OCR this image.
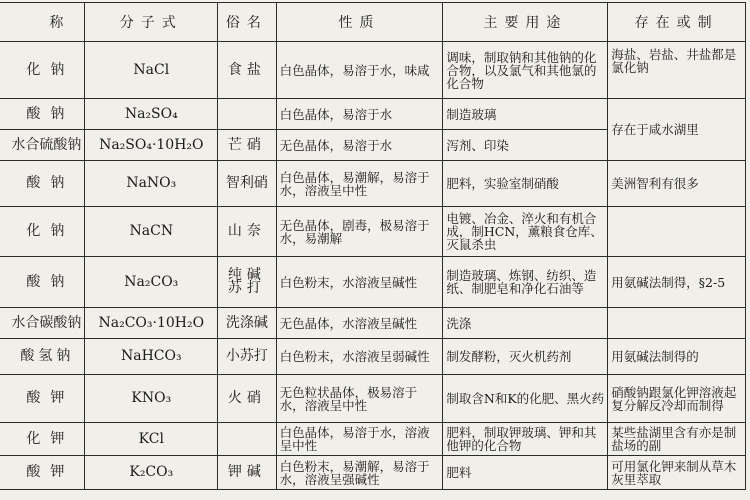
称	分子式	俗名	性质	主要用途	存在或制
化钠	NaCl	食盐	白色晶体，易溶于水，味咸	调味，制取钠和其他钠的化合物，以及氯气和其他氯的化合物	海盐、岩盐、井盐都是氯化钠
酸钠	Na₂SO₄		白色晶体，易溶于水	制造玻璃	存在于咸水湖里
水合硫酸钠	Na₂SO₄·10H₂O	芒硝	无色晶体，易溶于水	泻剂、印染	
酸钠	NaNO₃	智利硝	白色晶体，易潮解，易溶于水，溶液呈中性	肥料，实验室制硝酸	美洲智利有很多
化钠	NaCN	山奈	无色晶体，剧毒，极易溶于水，易潮解	电镀、冶金、淬火和有机合成，制HCN，薰粮食仓库、灭鼠杀虫	
酸钠	Na₂CO₃	纯碱 苏打	白色粉末，水溶液呈碱性	制造玻璃、炼钢、纺织、造纸、制肥皂和净化石油等	用氨碱法制得，§2-5
水合碳酸钠	Na₂CO₃·10H₂O	洗涤碱	无色晶体，水溶液呈碱性	洗涤	
酸氢钠	NaHCO₃	小苏打	白色粉末，水溶液呈弱碱性	制发酵粉，灭火机药剂	用氨碱法制得的
酸钾	KNO₃	火硝	无色粒状晶体，极易溶于水，溶液呈中性	制取含N和K的化肥、黑火药	硝酸钠跟氯化钾溶液起复分解反冷却而制得
化钾	KCl		白色晶体，易溶于水，溶液呈中性	肥料，制取钾玻璃、钾和其他钾的化合物	某些盐湖里含有亦是制盐场的副
酸钾	K₂CO₃	钾碱	白色粉末，易潮解，易溶于水，溶液呈强碱性	肥料	可用氯化钾来制从草木灰里萃取
